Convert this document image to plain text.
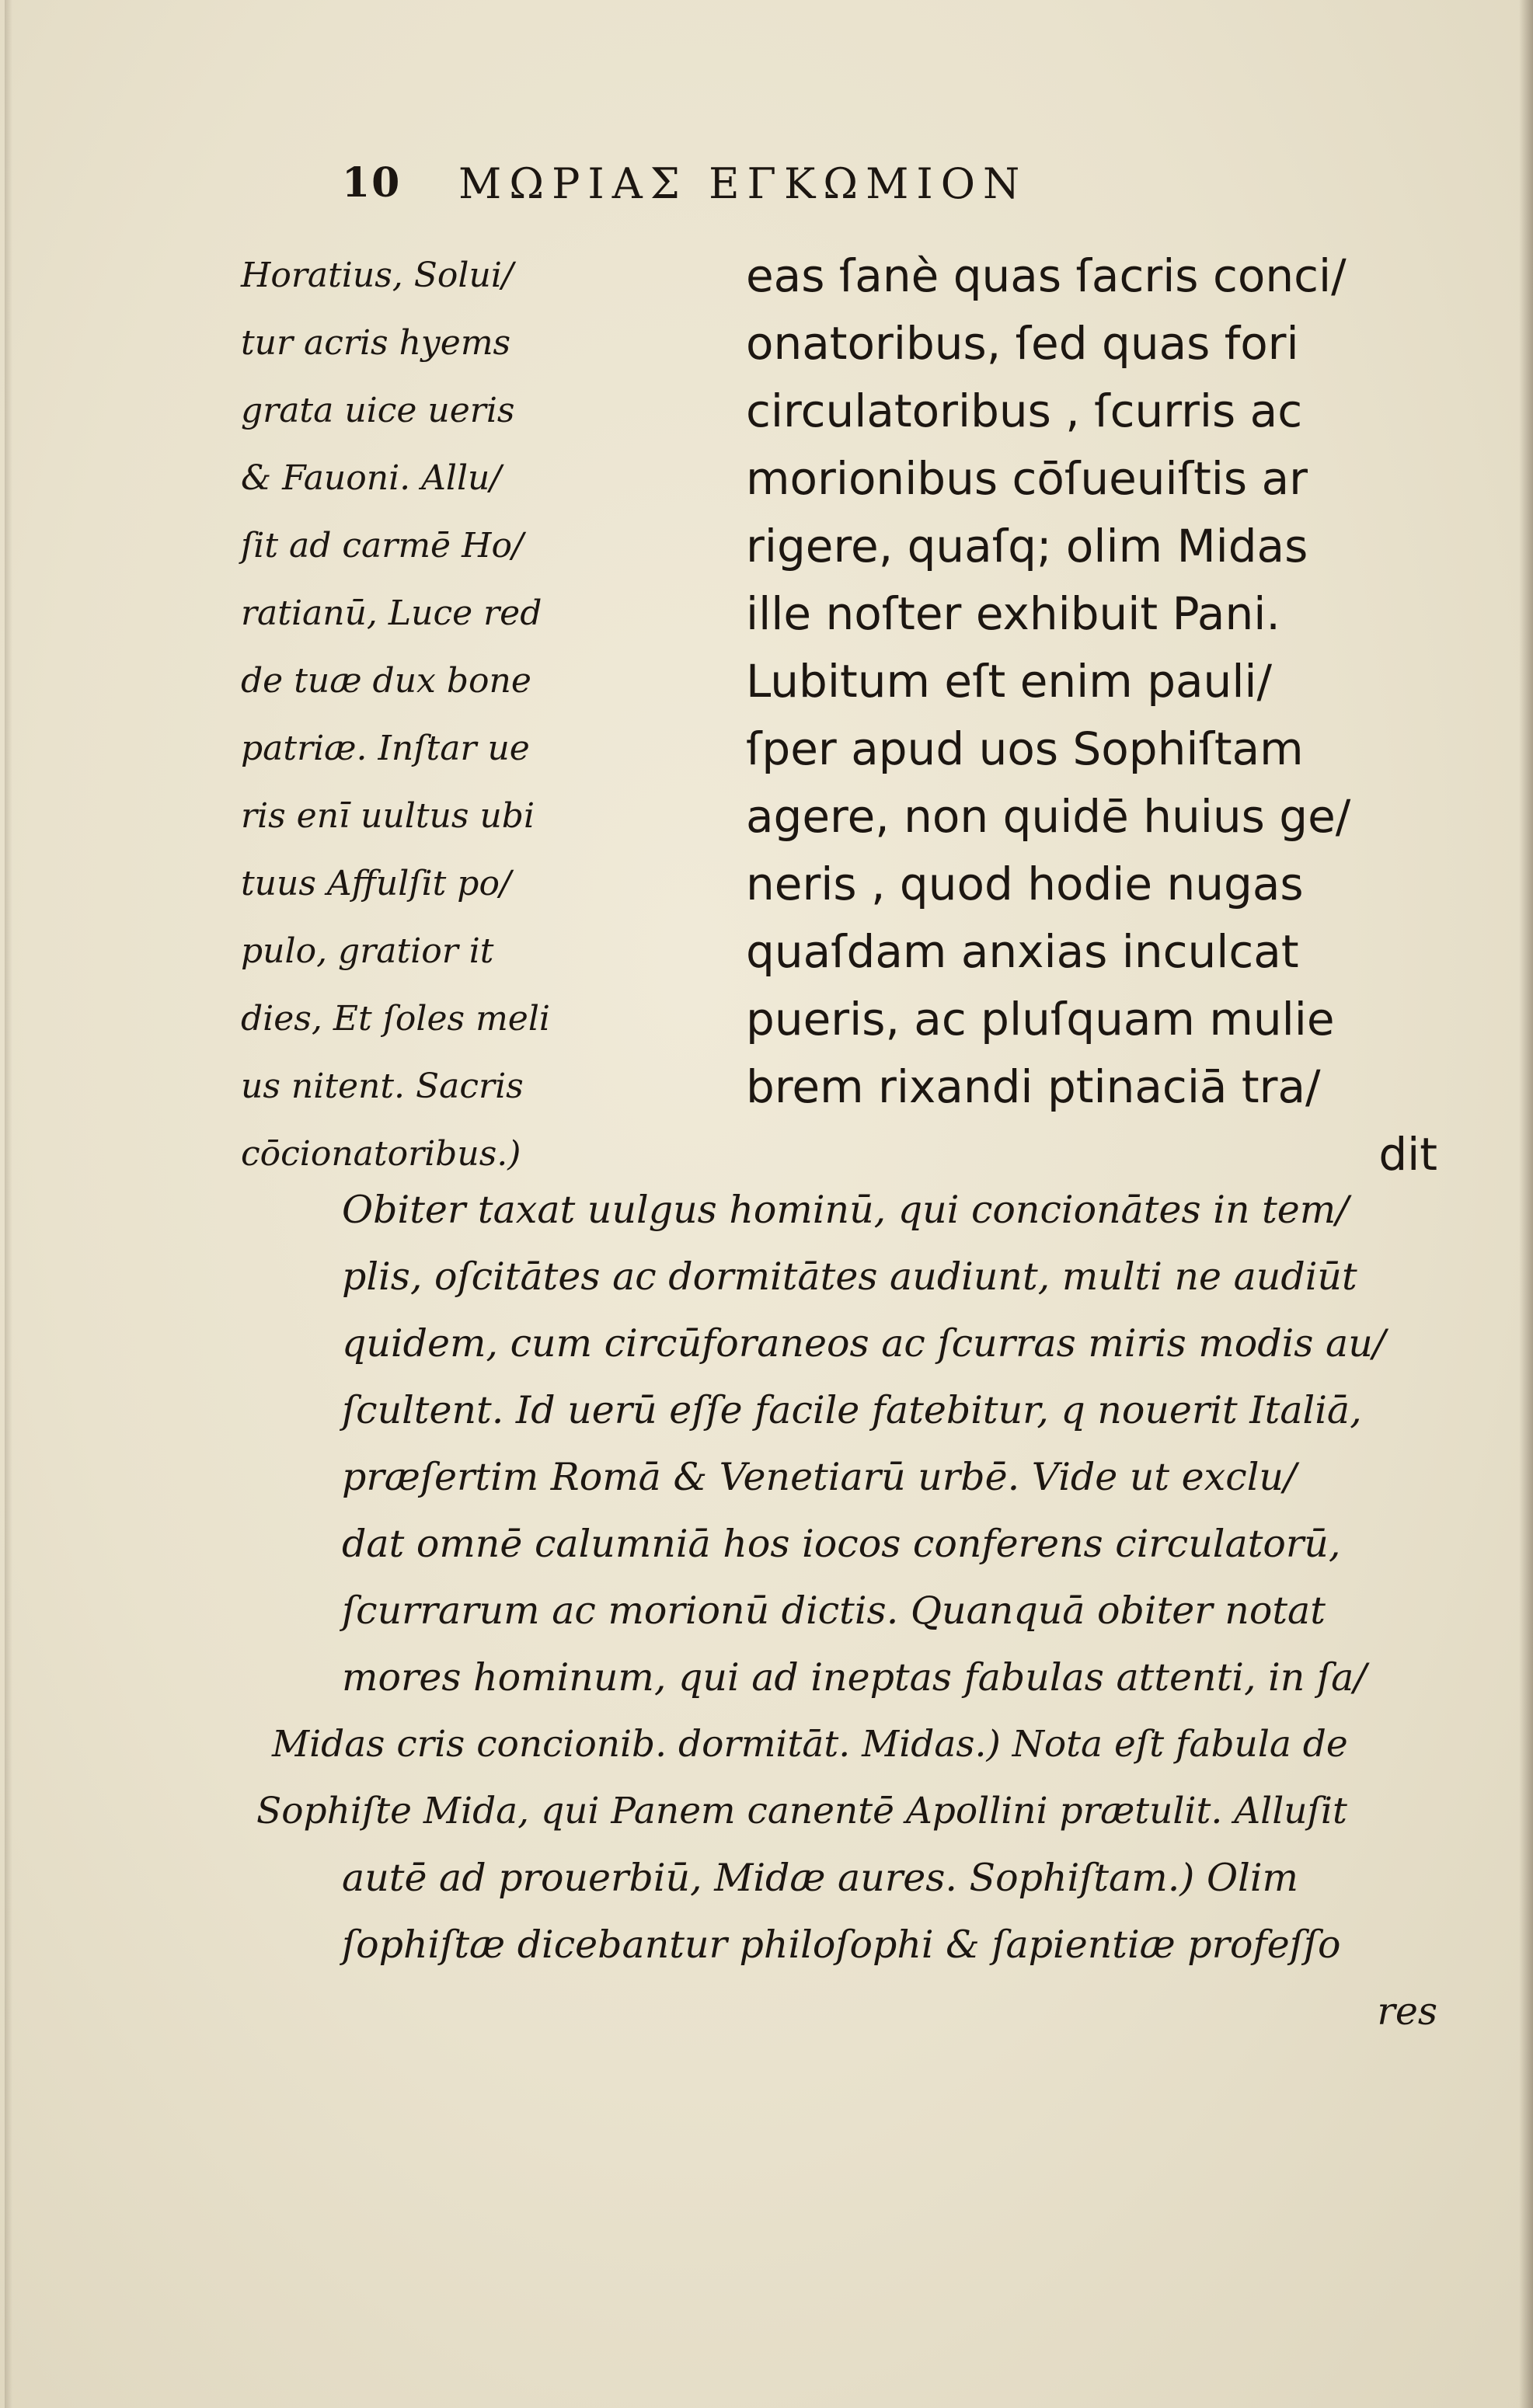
10 ΜΩΡΙΑΣ ΕΓΚΩΜΙΟΝ
Horatius, Solui/
tur acris hyems
grata uice ueris
& Fauoni. Allu/
ſit ad carmē Ho/
ratianū, Luce red
de tuæ dux bone
patriæ. Inſtar ue
ris enī uultus ubi
tuus Affulſit po/
pulo, gratior it
dies, Et ſoles meli
us nitent. Sacris
cōcionatoribus.)
eas ſanè quas ſacris conci/
onatoribus, ſed quas fori
circulatoribus , ſcurris ac
morionibus cōſueuiſtis ar
rigere, quaſq; olim Midas
ille noſter exhibuit Pani.
Lubitum eſt enim pauli/
ſper apud uos Sophiſtam
agere, non quidē huius ge/
neris , quod hodie nugas
quaſdam anxias inculcat
pueris, ac pluſquam mulie
brem rixandi ptinaciā tra/
dit
Obiter taxat uulgus hominū, qui concionātes in tem/
plis, oſcitātes ac dormitātes audiunt, multi ne audiūt
quidem, cum circūforaneos ac ſcurras miris modis au/
ſcultent. Id uerū eſſe facile fatebitur, q nouerit Italiā,
præſertim Romā & Venetiarū urbē. Vide ut exclu/
dat omnē calumniā hos iocos conferens circulatorū,
ſcurrarum ac morionū dictis. Quanquā obiter notat
mores hominum, qui ad ineptas fabulas attenti, in ſa/
Midas cris concionib. dormitāt. Midas.) Nota eſt fabula de
Sophiſte Mida, qui Panem canentē Apollini prætulit. Alluſit
autē ad prouerbiū, Midæ aures. Sophiſtam.) Olim
ſophiſtæ dicebantur philoſophi & ſapientiæ profeſſo
res
